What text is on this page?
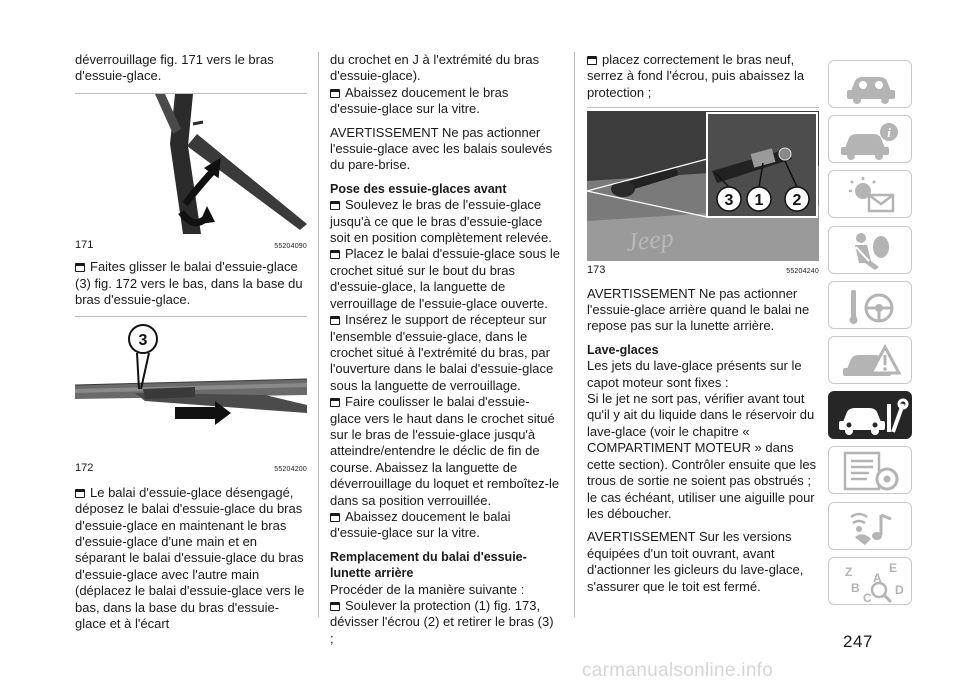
déverrouillage fig. 171 vers le bras d'essuie-glace.

171	55204090

Faites glisser le balai d'essuie-glace (3) fig. 172 vers le bas, dans la base du bras d'essuie-glace.

3
172	55204200

Le balai d'essuie-glace désengagé, déposez le balai d'essuie-glace du bras d'essuie-glace en maintenant le bras d'essuie-glace d'une main et en séparant le balai d'essuie-glace du bras d'essuie-glace avec l'autre main (déplacez le balai d'essuie-glace vers le bas, dans la base du bras d'essuie-glace et à l'écart

du crochet en J à l'extrémité du bras d'essuie-glace).

Abaissez doucement le bras d'essuie-glace sur la vitre.

AVERTISSEMENT Ne pas actionner l'essuie-glace avec les balais soulevés du pare-brise.

Pose des essuie-glaces avant

Soulevez le bras de l'essuie-glace jusqu'à ce que le bras d'essuie-glace soit en position complètement relevée.

Placez le balai d'essuie-glace sous le crochet situé sur le bout du bras d'essuie-glace, la languette de verrouillage de l'essuie-glace ouverte.

Insérez le support de récepteur sur l'ensemble d'essuie-glace, dans le crochet situé à l'extrémité du bras, par l'ouverture dans le balai d'essuie-glace sous la languette de verrouillage.

Faire coulisser le balai d'essuie-glace vers le haut dans le crochet situé sur le bras de l'essuie-glace jusqu'à atteindre/entendre le déclic de fin de course. Abaissez la languette de déverrouillage du loquet et remboîtez-le dans sa position verrouillée.

Abaissez doucement le balai d'essuie-glace sur la vitre.

Remplacement du balai d'essuie-lunette arrière

Procéder de la manière suivante :

Soulever la protection (1) fig. 173, dévisser l'écrou (2) et retirer le bras (3) ;

placez correctement le bras neuf, serrez à fond l'écrou, puis abaissez la protection ;

Jeep
3 1 2
173	55204240

AVERTISSEMENT Ne pas actionner l'essuie-glace arrière quand le balai ne repose pas sur la lunette arrière.

Lave-glaces

Les jets du lave-glace présents sur le capot moteur sont fixes :

Si le jet ne sort pas, vérifier avant tout qu'il y ait du liquide dans le réservoir du lave-glace (voir le chapitre « COMPARTIMENT MOTEUR » dans cette section). Contrôler ensuite que les trous de sortie ne soient pas obstrués ; le cas échéant, utiliser une aiguille pour les déboucher.

AVERTISSEMENT Sur les versions équipées d'un toit ouvrant, avant d'actionner les gicleurs du lave-glace, s'assurer que le toit est fermé.

247
carmanualsonline.info
i
Z	E
A
B
C
D
